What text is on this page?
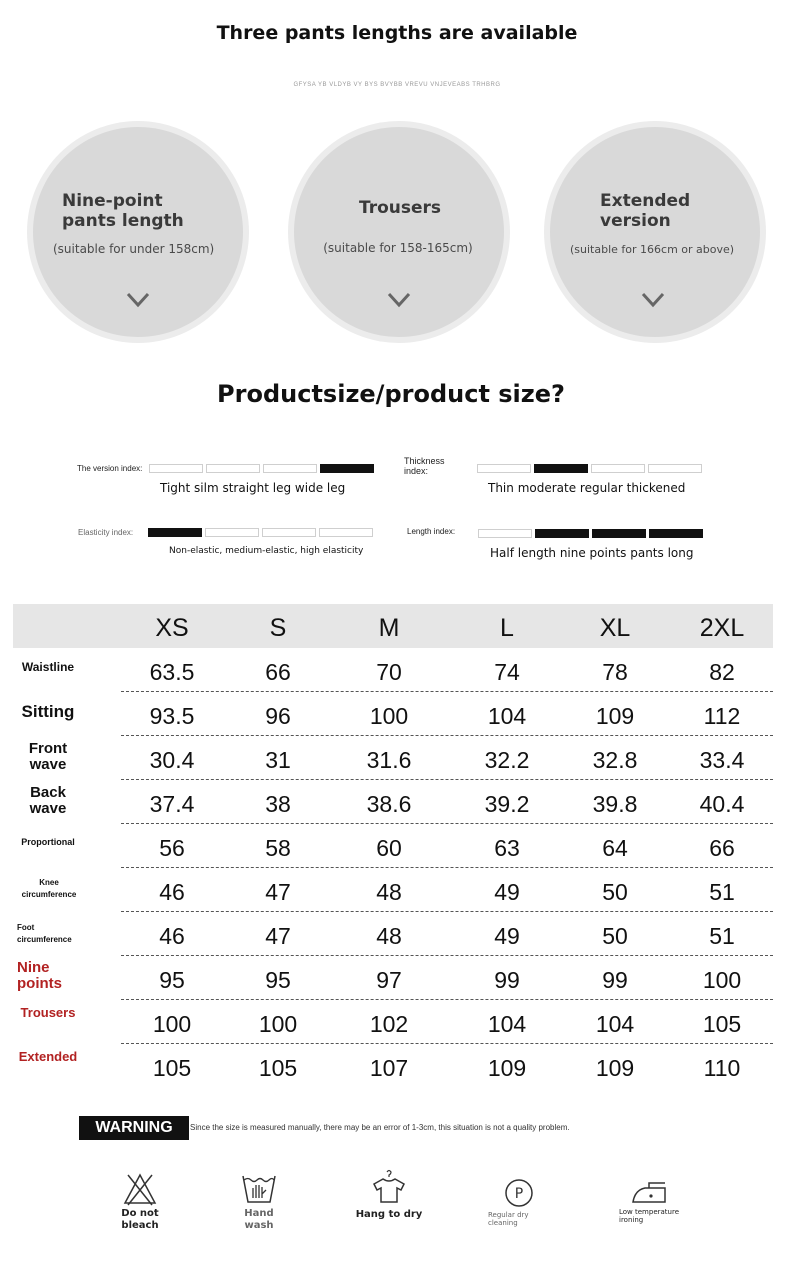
Three pants lengths are available
GFYSA YB VLDYB VY BYS BVYBB VREVU VNJEVEABS TRHBRG
Nine-point pants length
(suitable for under 158cm)
Trousers
(suitable for 158-165cm)
Extended version
(suitable for 166cm or above)
Productsize/product size?
The version index:
Tight silm straight leg wide leg
Thickness index:
Thin moderate regular thickened
Elasticity index:
Non-elastic, medium-elastic, high elasticity
Length index:
Half length nine points pants long
XS	S	M	L	XL	2XL
Waistline	63.5	66	70	74	78	82
Sitting	93.5	96	100	104	109	112
Front wave	30.4	31	31.6	32.2	32.8	33.4
Back wave	37.4	38	38.6	39.2	39.8	40.4
Proportional	56	58	60	63	64	66
Knee circumference	46	47	48	49	50	51
Foot circumference	46	47	48	49	50	51
Nine points	95	95	97	99	99	100
Trousers	100	100	102	104	104	105
Extended	105	105	107	109	109	110
WARNING	Since the size is measured manually, there may be an error of 1-3cm, this situation is not a quality problem.
Do not bleach
Hand wash
Hang to dry
P
Regular dry cleaning
Low temperature ironing
